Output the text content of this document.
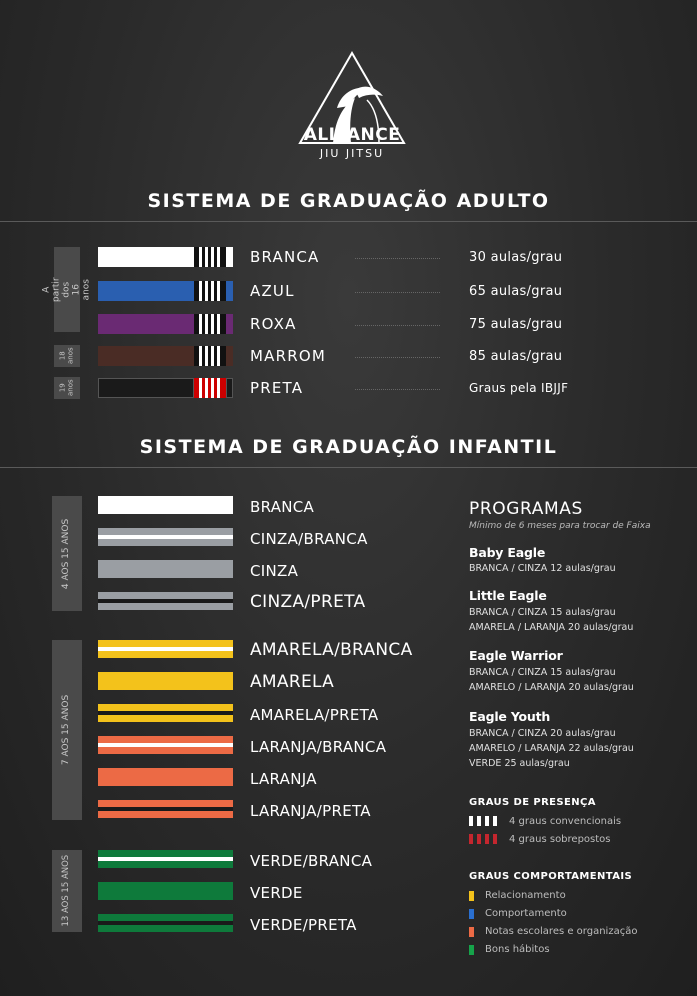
ALLIANCE
JIU JITSU
SISTEMA DE GRADUAÇÃO ADULTO
A partir dos 16 anos
18 anos
19 anos
BRANCA	30 aulas/grau
AZUL	65 aulas/grau
ROXA	75 aulas/grau
MARROM	85 aulas/grau
PRETA	Graus pela IBJJF
SISTEMA DE GRADUAÇÃO INFANTIL
4 AOS 15 ANOS
7 AOS 15 ANOS
13 AOS 15 ANOS
BRANCA
CINZA/BRANCA
CINZA
CINZA/PRETA
AMARELA/BRANCA
AMARELA
AMARELA/PRETA
LARANJA/BRANCA
LARANJA
LARANJA/PRETA
VERDE/BRANCA
VERDE
VERDE/PRETA
PROGRAMAS
Mínimo de 6 meses para trocar de Faixa
Baby Eagle
BRANCA / CINZA 12 aulas/grau
Little Eagle
BRANCA / CINZA 15 aulas/grau
AMARELA / LARANJA 20 aulas/grau
Eagle Warrior
BRANCA / CINZA 15 aulas/grau
AMARELO / LARANJA 20 aulas/grau
Eagle Youth
BRANCA / CINZA 20 aulas/grau
AMARELO / LARANJA 22 aulas/grau
VERDE 25 aulas/grau
GRAUS DE PRESENÇA
4 graus convencionais
4 graus sobrepostos
GRAUS COMPORTAMENTAIS
Relacionamento
Comportamento
Notas escolares e organização
Bons hábitos
